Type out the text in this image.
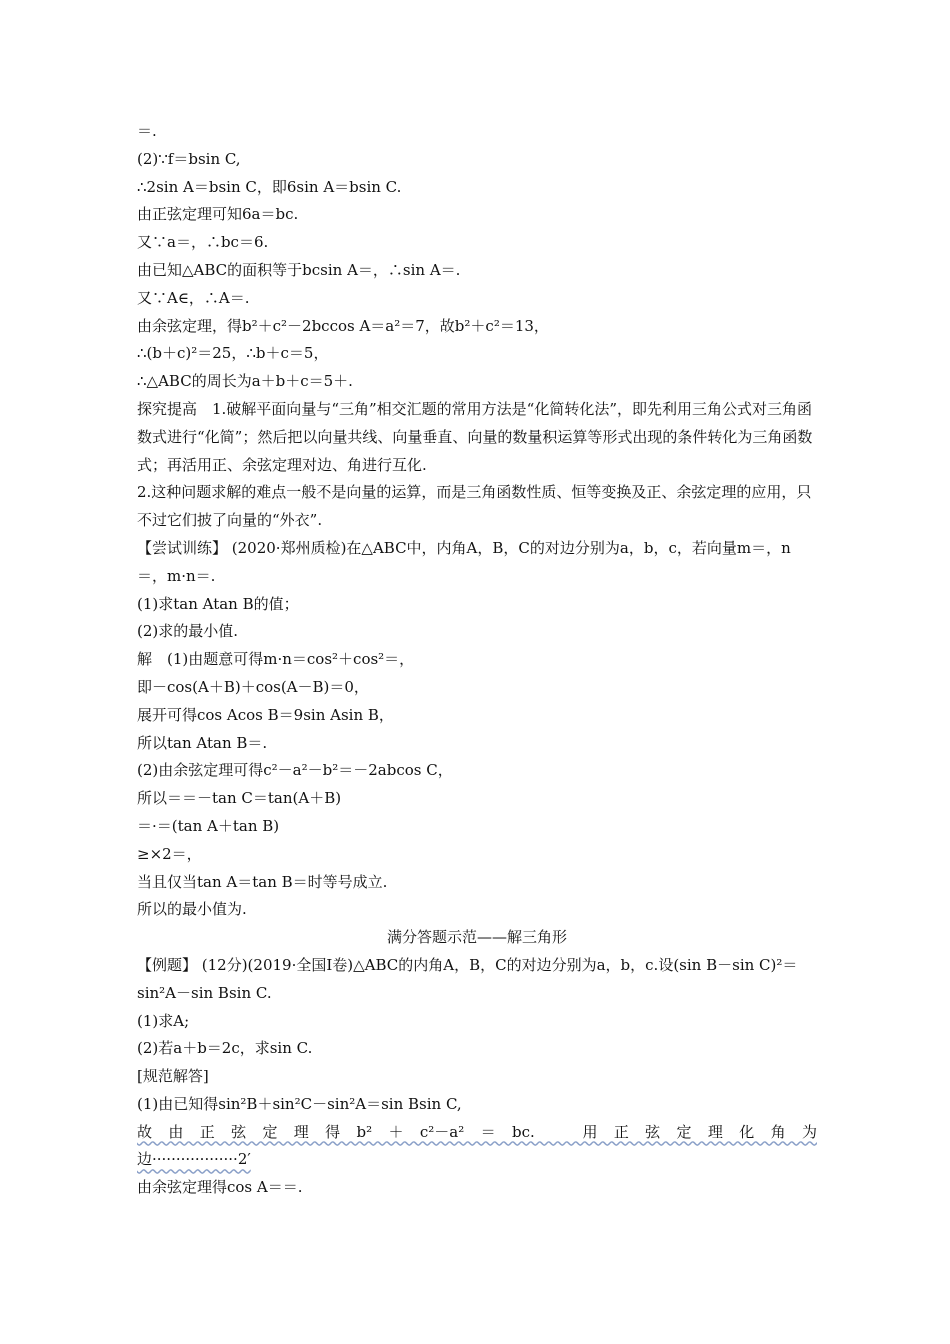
＝.
(2)∵f＝bsin C,
∴2sin A＝bsin C，即6sin A＝bsin C.
由正弦定理可知6a＝bc.
又∵a＝，∴bc＝6.
由已知△ABC的面积等于bcsin A＝，∴sin A＝.
又∵A∈，∴A＝.
由余弦定理，得b²＋c²－2bccos A＝a²＝7，故b²＋c²＝13，
∴(b＋c)²＝25，∴b＋c＝5，
∴△ABC的周长为a＋b＋c＝5＋.
探究提高　1.破解平面向量与“三角”相交汇题的常用方法是“化简转化法”，即先利用三角公式对三角函数式进行“化简”；然后把以向量共线、向量垂直、向量的数量积运算等形式出现的条件转化为三角函数式；再活用正、余弦定理对边、角进行互化.
2.这种问题求解的难点一般不是向量的运算，而是三角函数性质、恒等变换及正、余弦定理的应用，只不过它们披了向量的“外衣”.
【尝试训练】 (2020·郑州质检)在△ABC中，内角A，B，C的对边分别为a，b，c，若向量m＝，n＝，m·n＝.
(1)求tan Atan B的值；
(2)求的最小值.
解　(1)由题意可得m·n＝cos²＋cos²＝，
即－cos(A＋B)＋cos(A－B)＝0，
展开可得cos Acos B＝9sin Asin B，
所以tan Atan B＝.
(2)由余弦定理可得c²－a²－b²＝－2abcos C，
所以＝＝－tan C＝tan(A＋B)
＝·＝(tan A＋tan B)
≥×2＝，
当且仅当tan A＝tan B＝时等号成立.
所以的最小值为.
满分答题示范——解三角形
【例题】 (12分)(2019·全国Ⅰ卷)△ABC的内角A，B，C的对边分别为a，b，c.设(sin B－sin C)²＝sin²A－sin Bsin C.
(1)求A;
(2)若a＋b＝2c，求sin C.
[规范解答]
(1)由已知得sin²B＋sin²C－sin²A＝sin Bsin C,
故由正弦定理得b²＋c²－a²＝bc.　用正弦定理化角为
边··················2′
由余弦定理得cos A＝＝.
